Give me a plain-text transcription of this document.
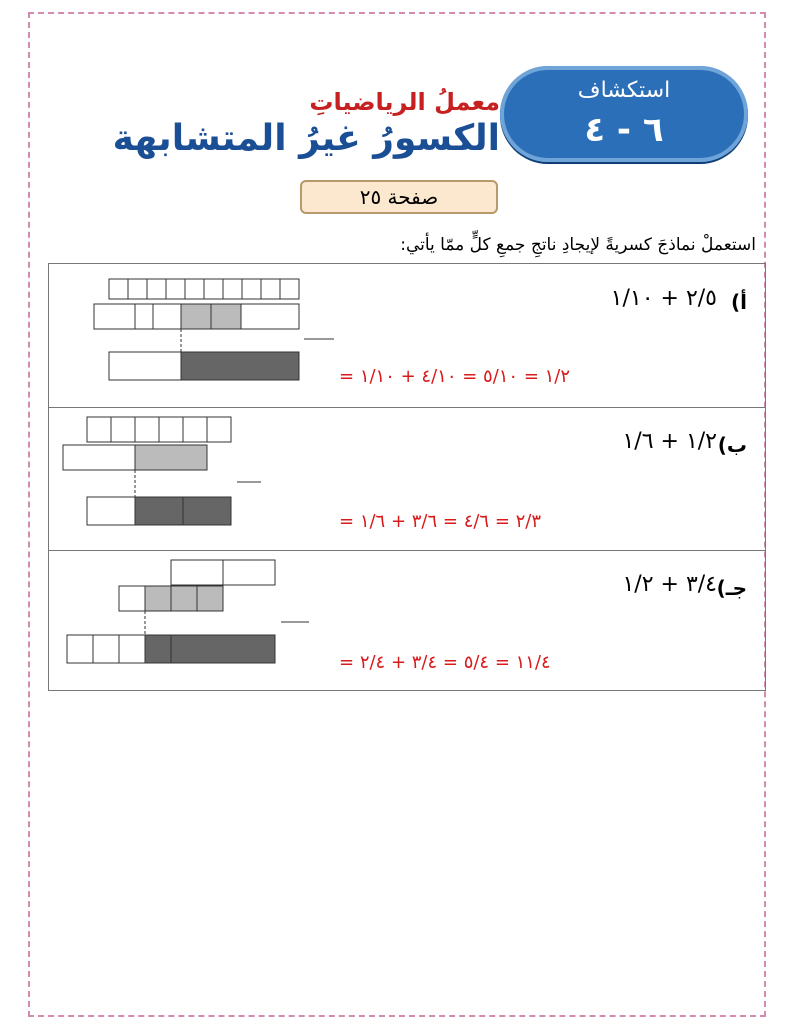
استكشاف
٦ - ٤
معملُ الرياضياتِ
الكسورُ غيرُ المتشابهة
صفحة ٢٥
استعملْ نماذجَ كسريةً لإيجادِ ناتجِ جمعِ كلٍّ ممّا يأتي:
أ)
٢/٥ + ١/١٠
١/٢ = ٥/١٠ = ٤/١٠ + ١/١٠ =
ب)
١/٢ + ١/٦
٢/٣ = ٤/٦ = ٣/٦ + ١/٦ =
جـ)
٣/٤ + ١/٢
١١/٤ = ٥/٤ = ٣/٤ + ٢/٤ =
